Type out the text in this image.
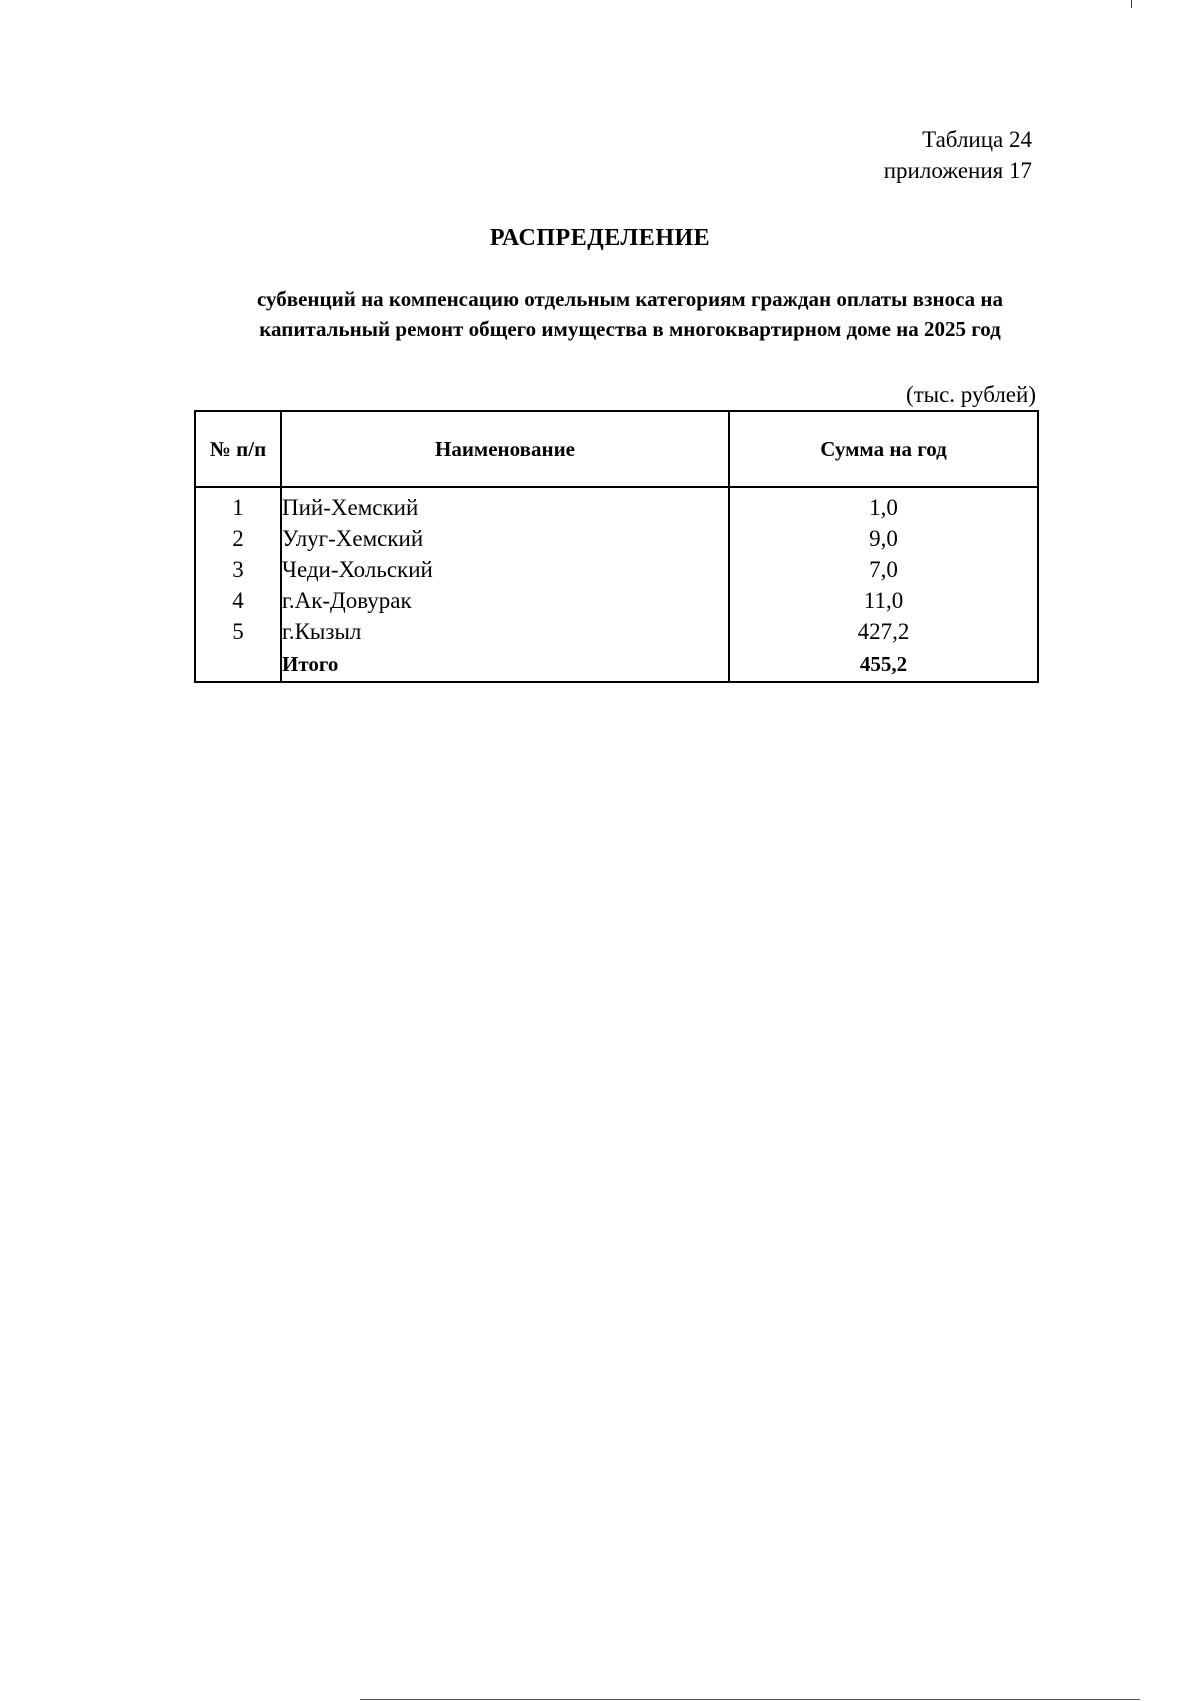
Таблица 24
приложения 17
РАСПРЕДЕЛЕНИЕ
субвенций на компенсацию отдельным категориям граждан оплаты взноса на
капитальный ремонт общего имущества в многоквартирном доме на 2025 год
(тыс. рублей)
№ п/п	Наименование	Сумма на год
1	Пий-Хемский	1,0
2	Улуг-Хемский	9,0
3	Чеди-Хольский	7,0
4	г.Ак-Довурак	11,0
5	г.Кызыл	427,2
	Итого	455,2
